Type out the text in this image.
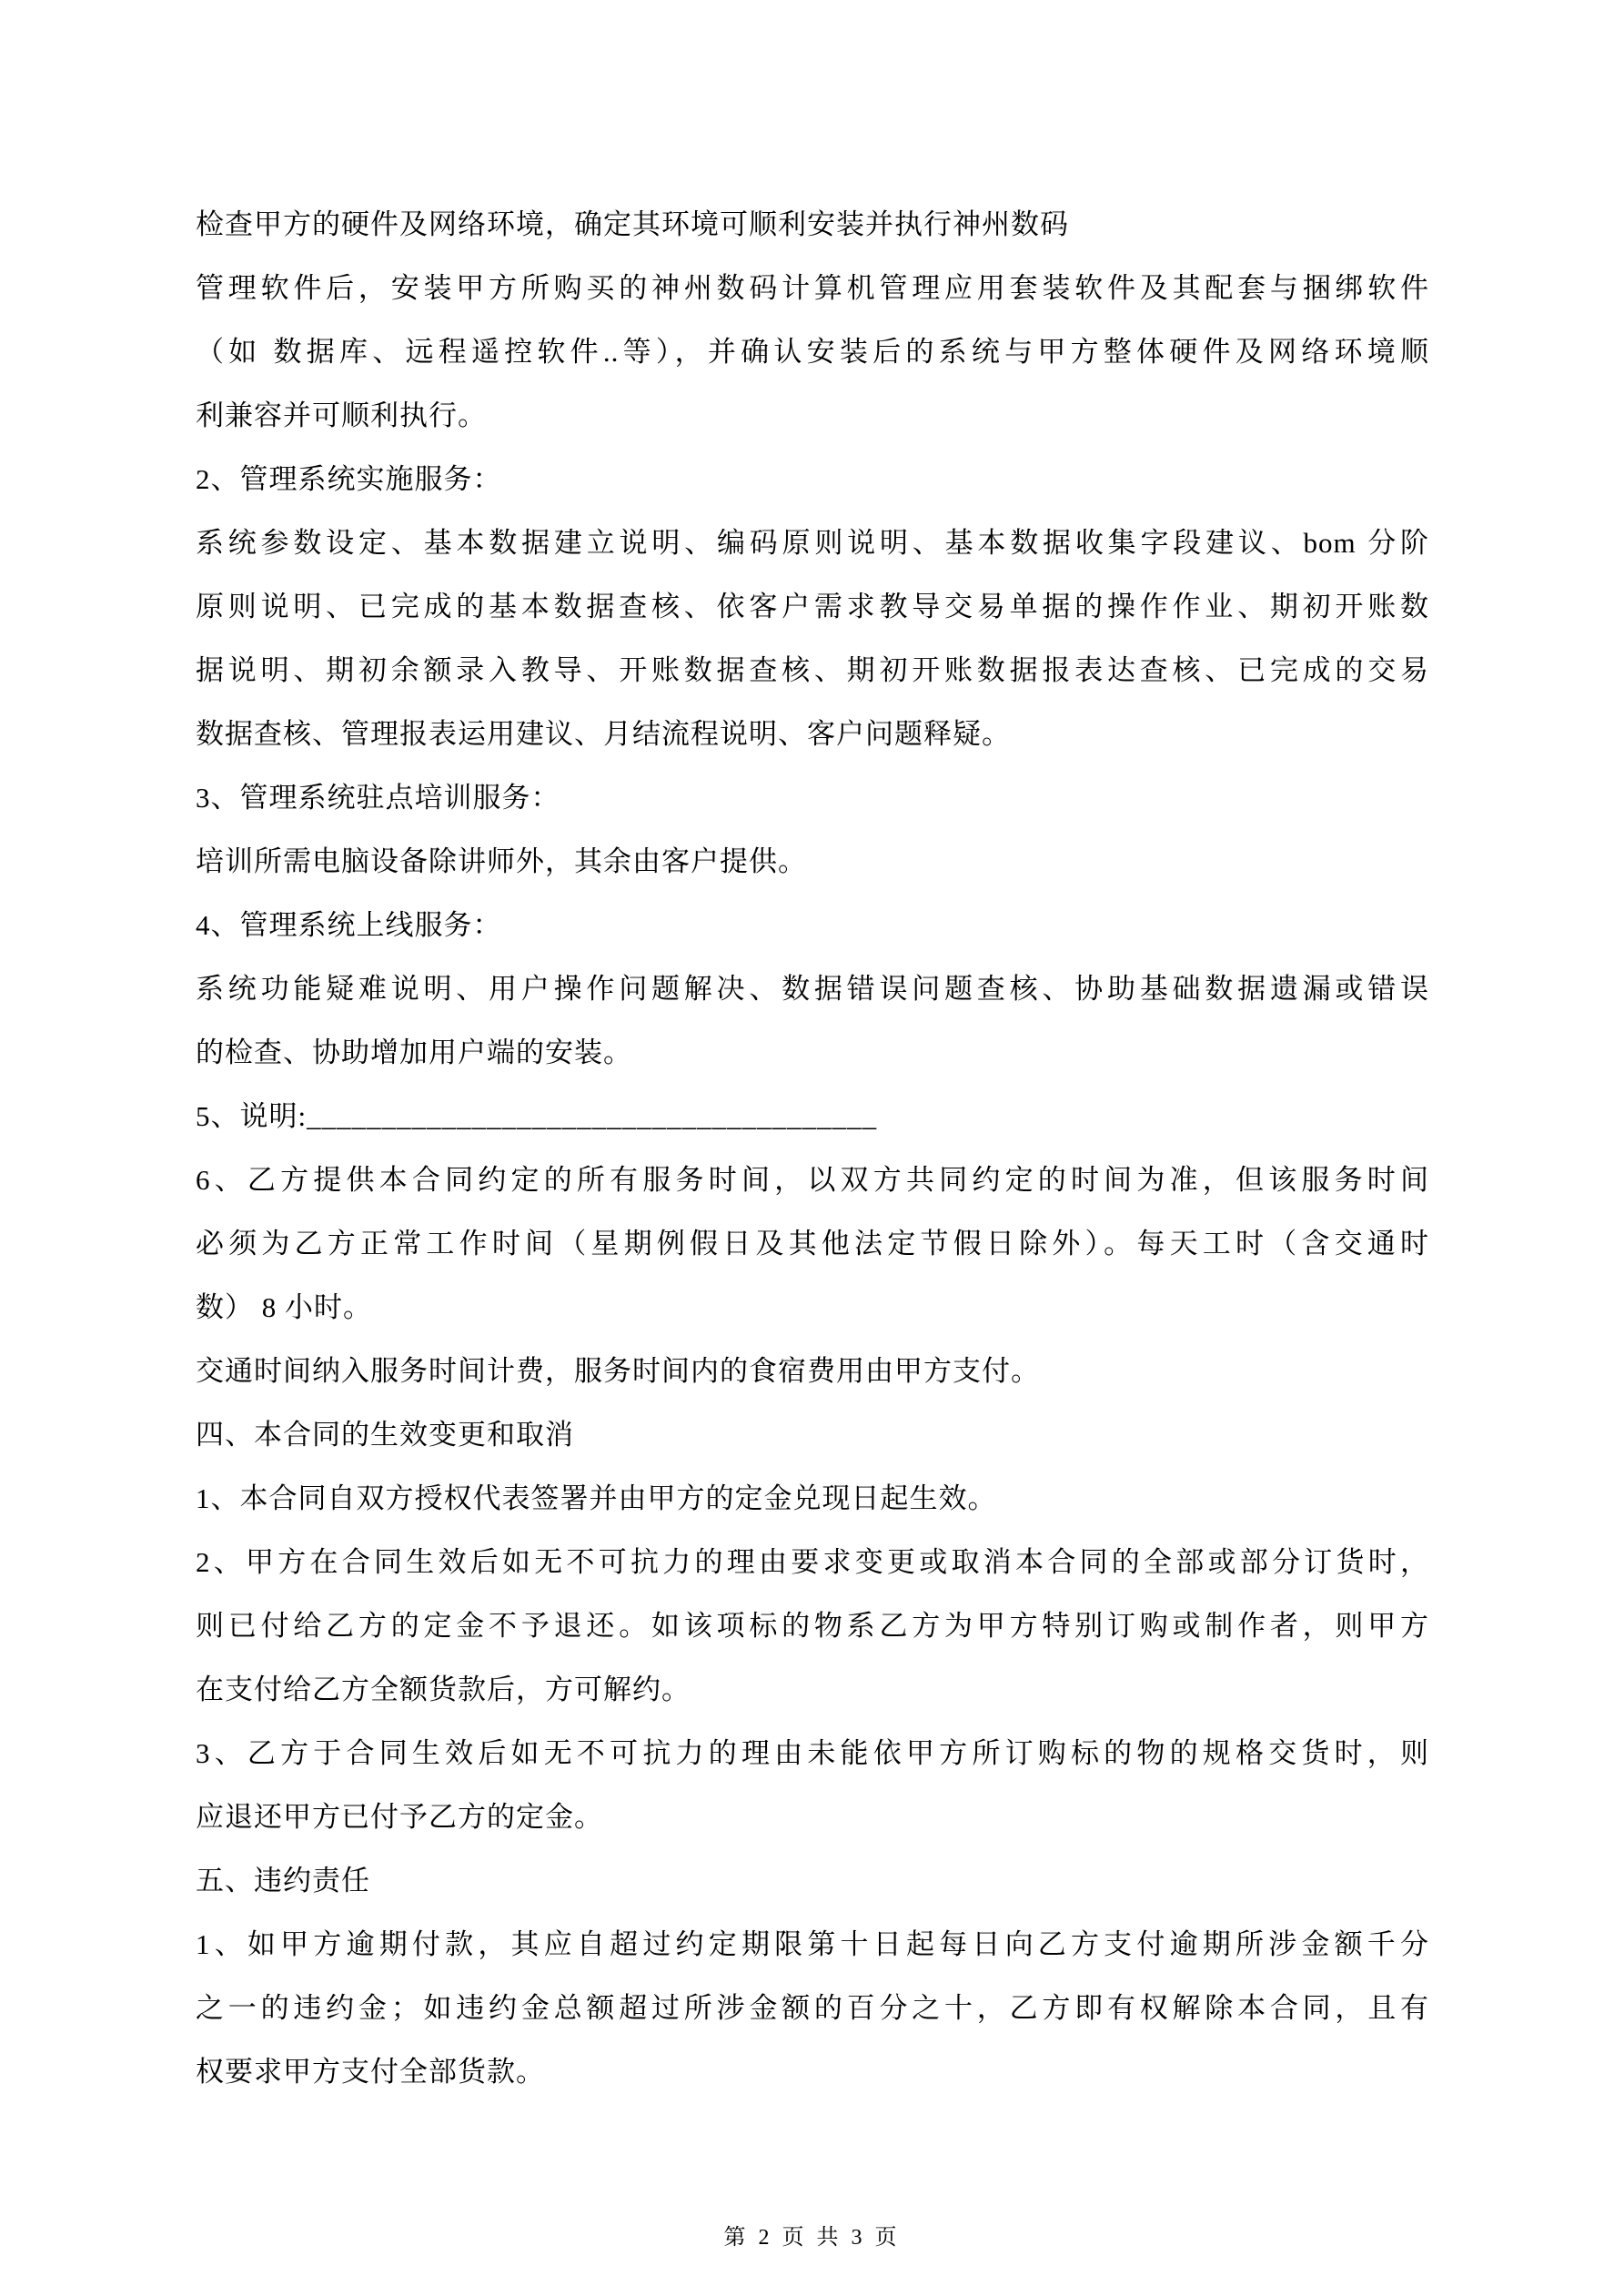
检查甲方的硬件及网络环境，确定其环境可顺利安装并执行神州数码
管理软件后，安装甲方所购买的神州数码计算机管理应用套装软件及其配套与捆绑软件
（如 数据库、远程遥控软件..等），并确认安装后的系统与甲方整体硬件及网络环境顺
利兼容并可顺利执行。
2、管理系统实施服务：
系统参数设定、基本数据建立说明、编码原则说明、基本数据收集字段建议、bom 分阶
原则说明、已完成的基本数据查核、依客户需求教导交易单据的操作作业、期初开账数
据说明、期初余额录入教导、开账数据查核、期初开账数据报表达查核、已完成的交易
数据查核、管理报表运用建议、月结流程说明、客户问题释疑。
3、管理系统驻点培训服务：
培训所需电脑设备除讲师外，其余由客户提供。
4、管理系统上线服务：
系统功能疑难说明、用户操作问题解决、数据错误问题查核、协助基础数据遗漏或错误
的检查、协助增加用户端的安装。
5、说明:______________________________________
6、乙方提供本合同约定的所有服务时间，以双方共同约定的时间为准，但该服务时间
必须为乙方正常工作时间（星期例假日及其他法定节假日除外）。每天工时（含交通时
数） 8 小时。
交通时间纳入服务时间计费，服务时间内的食宿费用由甲方支付。
四、本合同的生效变更和取消
1、本合同自双方授权代表签署并由甲方的定金兑现日起生效。
2、甲方在合同生效后如无不可抗力的理由要求变更或取消本合同的全部或部分订货时，
则已付给乙方的定金不予退还。如该项标的物系乙方为甲方特别订购或制作者，则甲方
在支付给乙方全额货款后，方可解约。
3、乙方于合同生效后如无不可抗力的理由未能依甲方所订购标的物的规格交货时，则
应退还甲方已付予乙方的定金。
五、违约责任
1、如甲方逾期付款，其应自超过约定期限第十日起每日向乙方支付逾期所涉金额千分
之一的违约金；如违约金总额超过所涉金额的百分之十，乙方即有权解除本合同，且有
权要求甲方支付全部货款。
第 2 页 共 3 页
